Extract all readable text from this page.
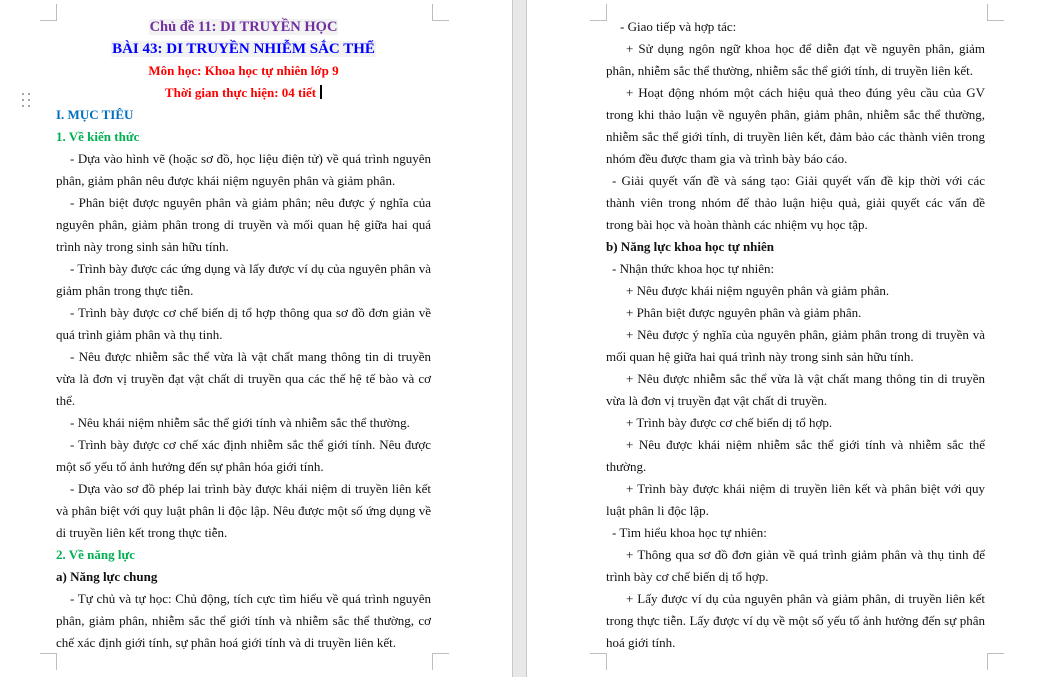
Chủ đề 11: DI TRUYỀN HỌC
BÀI 43: DI TRUYỀN NHIỄM SẮC THỂ
Môn học: Khoa học tự nhiên lớp 9
Thời gian thực hiện: 04 tiết
I. MỤC TIÊU
1. Về kiến thức

- Dựa vào hình vẽ (hoặc sơ đồ, học liệu điện tử) về quá trình nguyên phân, giảm phân nêu được khái niệm nguyên phân và giảm phân.

- Phân biệt được nguyên phân và giảm phân; nêu được ý nghĩa của nguyên phân, giảm phân trong di truyền và mối quan hệ giữa hai quá trình này trong sinh sản hữu tính.

- Trình bày được các ứng dụng và lấy được ví dụ của nguyên phân và giảm phân trong thực tiễn.

- Trình bày được cơ chế biến dị tổ hợp thông qua sơ đồ đơn giản về quá trình giảm phân và thụ tinh.

- Nêu được nhiễm sắc thể vừa là vật chất mang thông tin di truyền vừa là đơn vị truyền đạt vật chất di truyền qua các thế hệ tế bào và cơ thể.

- Nêu khái niệm nhiễm sắc thể giới tính và nhiễm sắc thể thường.

- Trình bày được cơ chế xác định nhiễm sắc thể giới tính. Nêu được một số yếu tố ảnh hưởng đến sự phân hóa giới tính.

- Dựa vào sơ đồ phép lai trình bày được khái niệm di truyền liên kết và phân biệt với quy luật phân li độc lập. Nêu được một số ứng dụng về di truyền liên kết trong thực tiễn.

2. Về năng lực
a) Năng lực chung

- Tự chủ và tự học: Chủ động, tích cực tìm hiểu về quá trình nguyên phân, giảm phân, nhiễm sắc thể giới tính và nhiễm sắc thể thường, cơ chế xác định giới tính, sự phân hoá giới tính và di truyền liên kết.

- Giao tiếp và hợp tác:

+ Sử dụng ngôn ngữ khoa học để diễn đạt về nguyên phân, giảm phân, nhiễm sắc thể thường, nhiễm sắc thể giới tính, di truyền liên kết.

+ Hoạt động nhóm một cách hiệu quả theo đúng yêu cầu của GV trong khi thảo luận về nguyên phân, giảm phân, nhiễm sắc thể thường, nhiễm sắc thể giới tính, di truyền liên kết, đảm bảo các thành viên trong nhóm đều được tham gia và trình bày báo cáo.

- Giải quyết vấn đề và sáng tạo: Giải quyết vấn đề kịp thời với các thành viên trong nhóm để thảo luận hiệu quả, giải quyết các vấn đề trong bài học và hoàn thành các nhiệm vụ học tập.

b) Năng lực khoa học tự nhiên

- Nhận thức khoa học tự nhiên:

+ Nêu được khái niệm nguyên phân và giảm phân.

+ Phân biệt được nguyên phân và giảm phân.

+ Nêu được ý nghĩa của nguyên phân, giảm phân trong di truyền và mối quan hệ giữa hai quá trình này trong sinh sản hữu tính.

+ Nêu được nhiễm sắc thể vừa là vật chất mang thông tin di truyền vừa là đơn vị truyền đạt vật chất di truyền.

+ Trình bày được cơ chế biến dị tổ hợp.

+ Nêu được khái niệm nhiễm sắc thể giới tính và nhiễm sắc thể thường.

+ Trình bày được khái niệm di truyền liên kết và phân biệt với quy luật phân li độc lập.

- Tìm hiểu khoa học tự nhiên:

+ Thông qua sơ đồ đơn giản về quá trình giảm phân và thụ tinh để trình bày cơ chế biến dị tổ hợp.

+ Lấy được ví dụ của nguyên phân và giảm phân, di truyền liên kết trong thực tiễn. Lấy được ví dụ về một số yếu tố ảnh hưởng đến sự phân hoá giới tính.
